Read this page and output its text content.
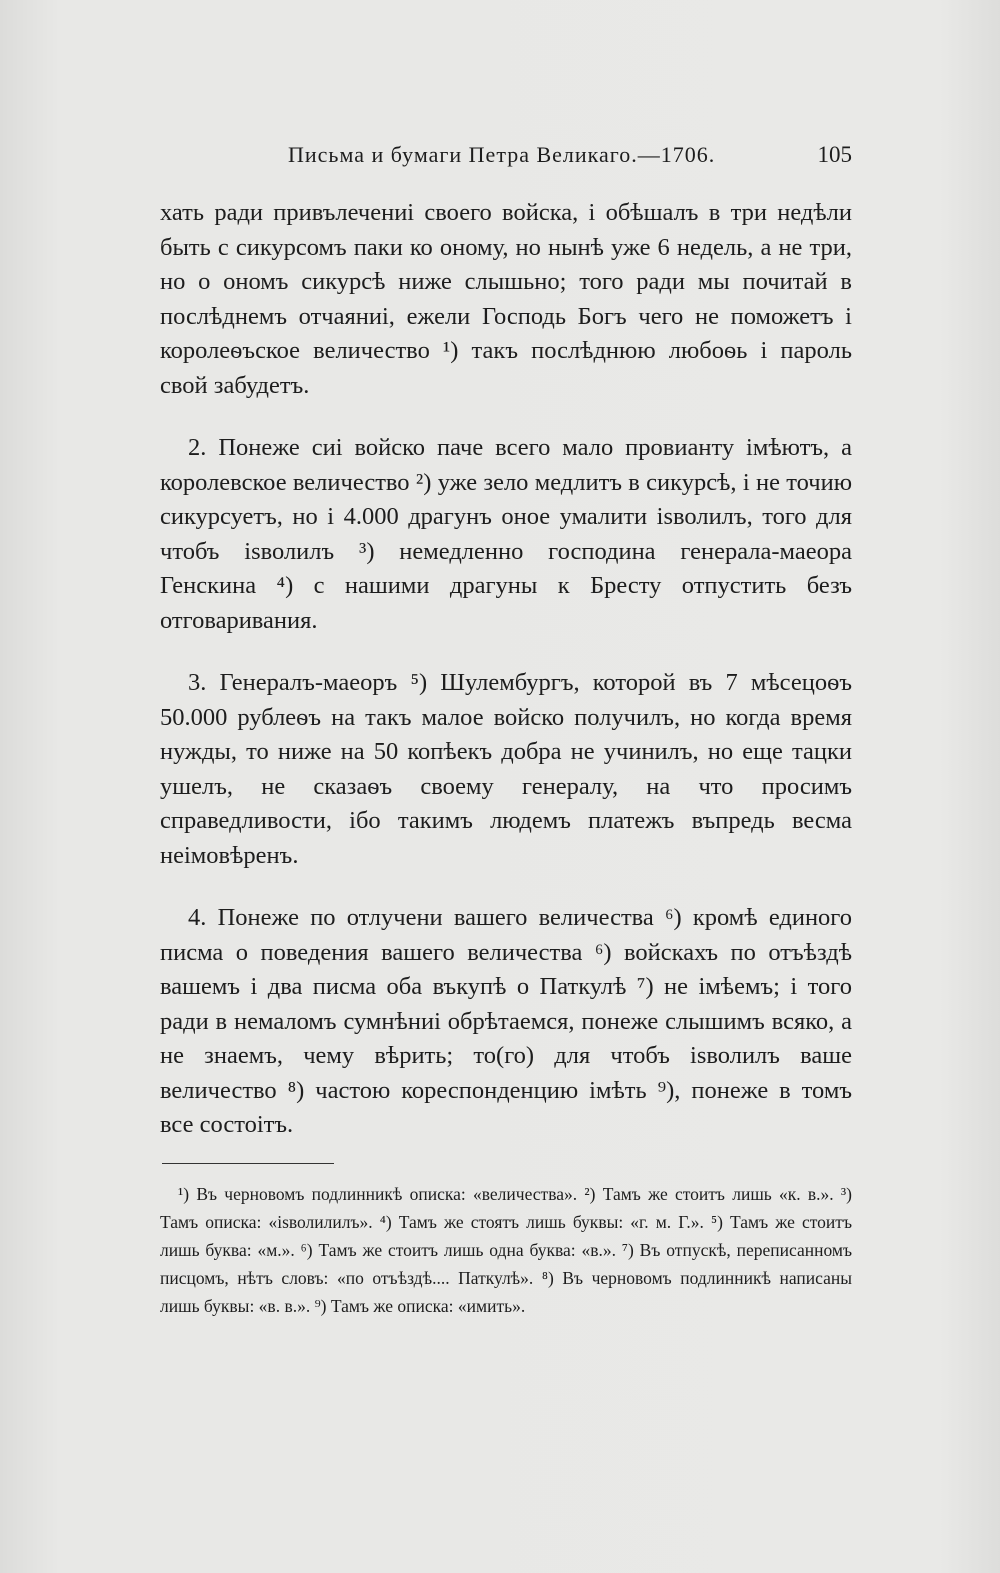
Письма и бумаги Петра Великаго.—1706.	105

хать ради привълечениі своего войска, і обѣшалъ в три недѣли быть с сикурсомъ паки ко оному, но нынѣ уже 6 недель, а не три, но о ономъ сикурсѣ ниже слышьно; того ради мы почитай в послѣднемъ отчаяниі, ежели Господь Богъ чего не поможетъ і королеѳъское величество ¹) такъ послѣднюю любоѳь і пароль свой забудетъ.

2. Понеже сиі войско паче всего мало провианту імѣютъ, а королевское величество ²) уже зело медлитъ в сикурсѣ, і не точию сикурсуетъ, но і 4.000 драгунъ оное умалити іѕволилъ, того для чтобъ іѕволилъ ³) немедленно господина генерала-маеора Генскина ⁴) с нашими драгуны к Бресту отпустить безъ отговаривания.

3. Генералъ-маеоръ ⁵) Шулембургъ, которой въ 7 мѣсецоѳъ 50.000 рублеѳъ на такъ малое войско получилъ, но когда время нужды, то ниже на 50 копѣекъ добра не учинилъ, но еще тацки ушелъ, не сказаѳъ своему генералу, на что просимъ справедливости, ібо такимъ людемъ платежъ въпредь весма неімовѣренъ.

4. Понеже по отлучени вашего величества ⁶) кромѣ единого писма о поведения вашего величества ⁶) войскахъ по отъѣздѣ вашемъ і два писма оба въкупѣ о Паткулѣ ⁷) не імѣемъ; і того ради в немаломъ сумнѣниі обрѣтаемся, понеже слышимъ всяко, а не знаемъ, чему вѣрить; то(го) для чтобъ іѕволилъ ваше величество ⁸) частою кореспонденцию імѣть ⁹), понеже в томъ все состоітъ.

¹) Въ черновомъ подлинникѣ описка: «величества». ²) Тамъ же стоитъ лишь «к. в.». ³) Тамъ описка: «іѕволилилъ». ⁴) Тамъ же стоятъ лишь буквы: «г. м. Г.». ⁵) Тамъ же стоитъ лишь буква: «м.». ⁶) Тамъ же стоитъ лишь одна буква: «в.». ⁷) Въ отпускѣ, переписанномъ писцомъ, нѣтъ словъ: «по отъѣздѣ.... Паткулѣ». ⁸) Въ черновомъ подлинникѣ написаны лишь буквы: «в. в.». ⁹) Тамъ же описка: «имить».
